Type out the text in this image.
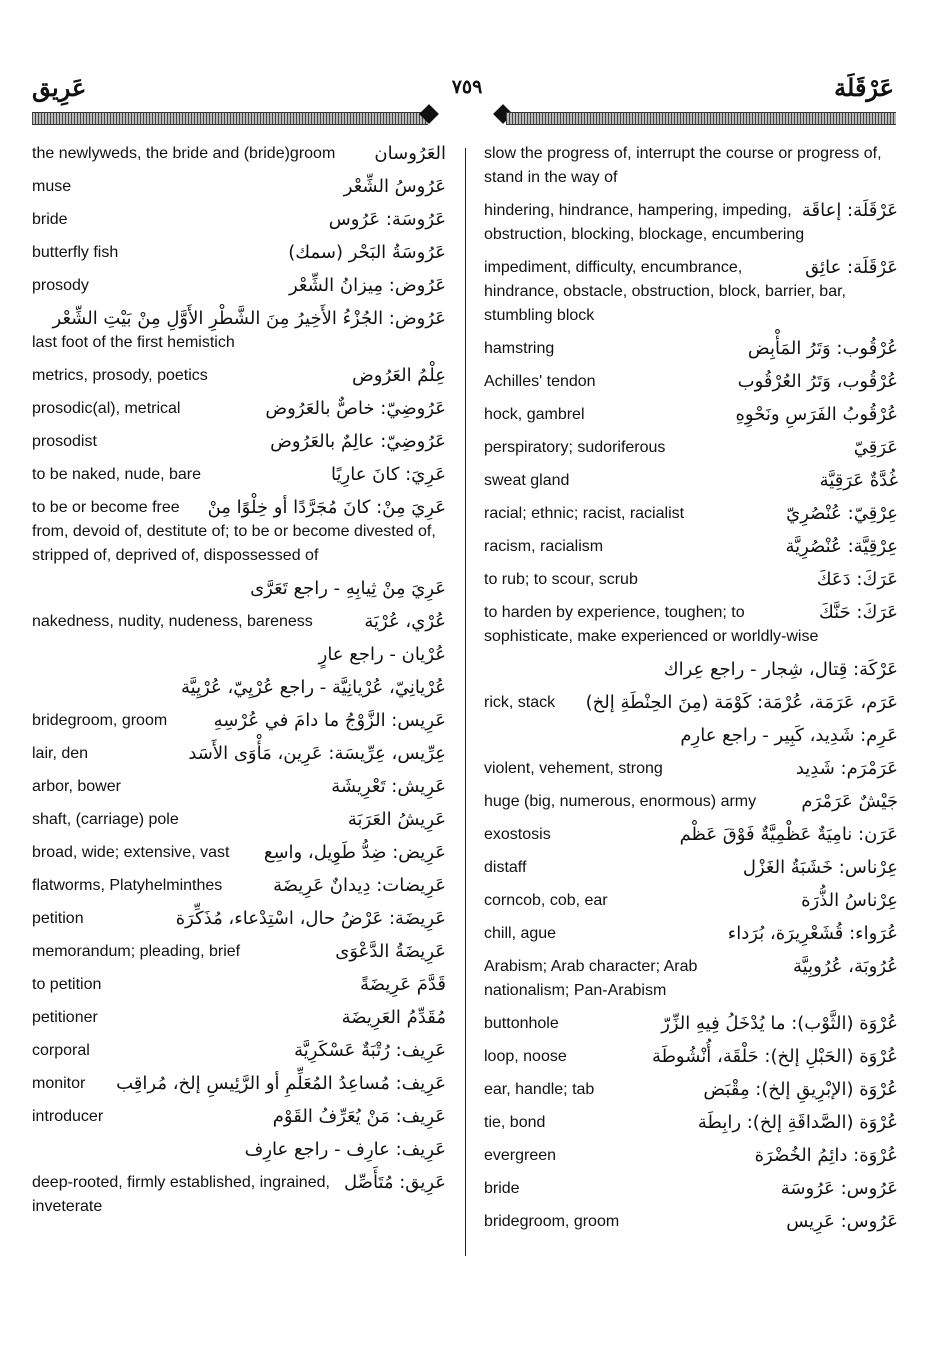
عَرِيق	٧٥٩	عَرْقَلَة
العَرُوسان
the newlyweds, the bride and (bride)groom
عَرُوسُ الشِّعْر
muse
عَرُوسَة: عَرُوس
bride
عَرُوسَةُ البَحْر (سمك)
butterfly fish
عَرُوض: مِيزانُ الشِّعْر
prosody
عَرُوض: الجُزْءُ الأَخِيرُ مِنَ الشَّطْرِ الأَوَّلِ مِنْ بَيْتِ الشِّعْر
last foot of the first hemistich
عِلْمُ العَرُوض
metrics, prosody, poetics
عَرُوضِيّ: خاصٌّ بالعَرُوض
prosodic(al), metrical
عَرُوضِيّ: عالِمٌ بالعَرُوض
prosodist
عَرِيَ: كانَ عارِيًا
to be naked, nude, bare
عَرِيَ مِنْ: كانَ مُجَرَّدًا أو خِلْوًا مِنْ
to be or become free from, devoid of, destitute of; to be or become divested of, stripped of, deprived of, dispossessed of
عَرِيَ مِنْ ثِيابِهِ - راجع تَعَرَّى
عُرْي، عُرْيَة
nakedness, nudity, nudeness, bareness
عُرْيان - راجع عارٍ
عُرْيانِيّ، عُرْيانِيَّة - راجع عُرْيِيّ، عُرْيِيَّة
عَرِيس: الزَّوْجُ ما دامَ في عُرْسِهِ
bridegroom, groom
عِرِّيس، عِرِّيسَة: عَرِين، مَأْوَى الأَسَد
lair, den
عَرِيش: تَعْرِيشَة
arbor, bower
عَرِيشُ العَرَبَة
shaft, (carriage) pole
عَرِيض: ضِدُّ طَوِيل، واسِع
broad, wide; extensive, vast
عَرِيضات: دِيدانٌ عَرِيضَة
flatworms, Platyhelminthes
عَرِيضَة: عَرْضُ حال، اسْتِدْعاء، مُذَكِّرَة
petition
عَرِيضَةُ الدَّعْوَى
memorandum; pleading, brief
قَدَّمَ عَرِيضَةً
to petition
مُقَدِّمُ العَرِيضَة
petitioner
عَرِيف: رُتْبَةٌ عَسْكَرِيَّة
corporal
عَرِيف: مُساعِدُ المُعَلِّمِ أو الرَّئِيسِ إلخ، مُراقِب
monitor
عَرِيف: مَنْ يُعَرِّفُ القَوْم
introducer
عَرِيف: عارِف - راجع عارِف
عَرِيق: مُتَأَصِّل
deep-rooted, firmly established, ingrained, inveterate
slow the progress of, interrupt the course or progress of, stand in the way of
عَرْقَلَة: إعاقَة
hindering, hindrance, hampering, impeding, obstruction, blocking, blockage, encumbering
عَرْقَلَة: عائِق
impediment, difficulty, encumbrance, hindrance, obstacle, obstruction, block, barrier, bar, stumbling block
عُرْقُوب: وَتَرُ المَأْبِض
hamstring
عُرْقُوب، وَتَرُ العُرْقُوب
Achilles' tendon
عُرْقُوبُ الفَرَسِ ونَحْوِهِ
hock, gambrel
عَرَقِيّ
perspiratory; sudoriferous
غُدَّةٌ عَرَقِيَّة
sweat gland
عِرْقِيّ: عُنْصُرِيّ
racial; ethnic; racist, racialist
عِرْقِيَّة: عُنْصُرِيَّة
racism, racialism
عَرَكَ: دَعَكَ
to rub; to scour, scrub
عَرَكَ: حَنَّكَ
to harden by experience, toughen; to sophisticate, make experienced or worldly-wise
عَرْكَة: قِتال، شِجار - راجع عِراك
عَرَم، عَرَمَة، عُرْمَة: كَوْمَة (مِنَ الحِنْطَةِ إلخ)
rick, stack
عَرِم: شَدِيد، كَبِير - راجع عارِم
عَرَمْرَم: شَدِيد
violent, vehement, strong
جَيْشٌ عَرَمْرَم
huge (big, numerous, enormous) army
عَرَن: نامِيَةٌ عَظْمِيَّةٌ فَوْقَ عَظْم
exostosis
عِرْناس: خَشَبَةُ الغَزْل
distaff
عِرْناسُ الذُّرَة
corncob, cob, ear
عُرَواء: قُشَعْرِيرَة، بُرَداء
chill, ague
عُرُوبَة، عُرُوبِيَّة
Arabism; Arab character; Arab nationalism; Pan-Arabism
عُرْوَة (الثَّوْب): ما يُدْخَلُ فِيهِ الزِّرّ
buttonhole
عُرْوَة (الحَبْلِ إلخ): حَلْقَة، أُنْشُوطَة
loop, noose
عُرْوَة (الإبْرِيقِ إلخ): مِقْبَض
ear, handle; tab
عُرْوَة (الصَّداقَةِ إلخ): رابِطَة
tie, bond
عُرْوَة: دائِمُ الخُضْرَة
evergreen
عَرُوس: عَرُوسَة
bride
عَرُوس: عَرِيس
bridegroom, groom
